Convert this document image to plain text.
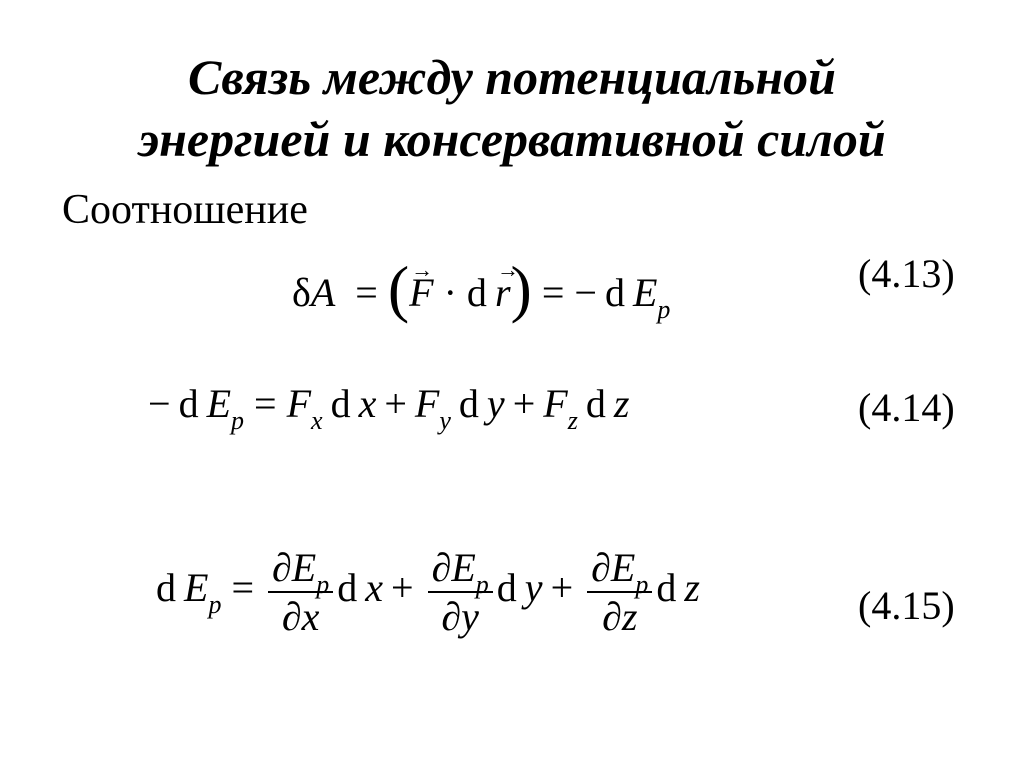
Связь между потенциальной
энергией и консервативной силой
Соотношение
δA  = (F → · d r →) = − d $E_p$
(4.13)
− d $E_p = F_x$ d $x + F_y$ d $y + F_z$ d z	(4.14)
d $E_p = \frac{\partial E_p}{\partial x}$ d $x + \frac{\partial E_p}{\partial y}$ d $y + \frac{\partial E_p}{\partial z}$ d z	(4.15)
